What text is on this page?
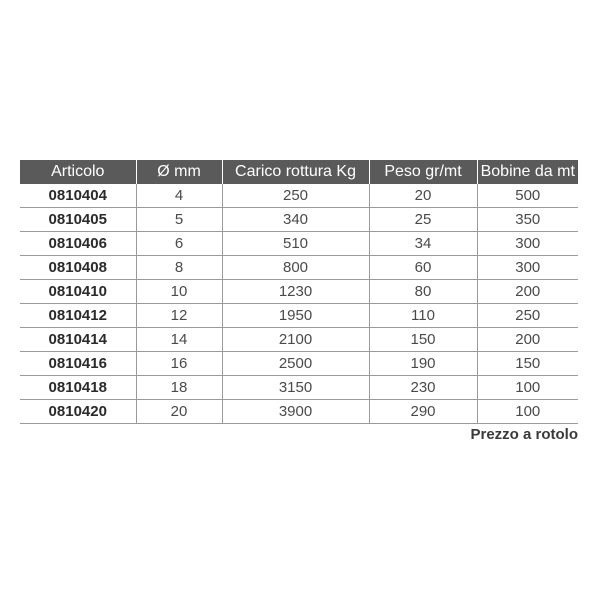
Articolo	Ø mm	Carico rottura Kg	Peso gr/mt	Bobine da mt
0810404	4	250	20	500
0810405	5	340	25	350
0810406	6	510	34	300
0810408	8	800	60	300
0810410	10	1230	80	200
0810412	12	1950	110	250
0810414	14	2100	150	200
0810416	16	2500	190	150
0810418	18	3150	230	100
0810420	20	3900	290	100
Prezzo a rotolo
